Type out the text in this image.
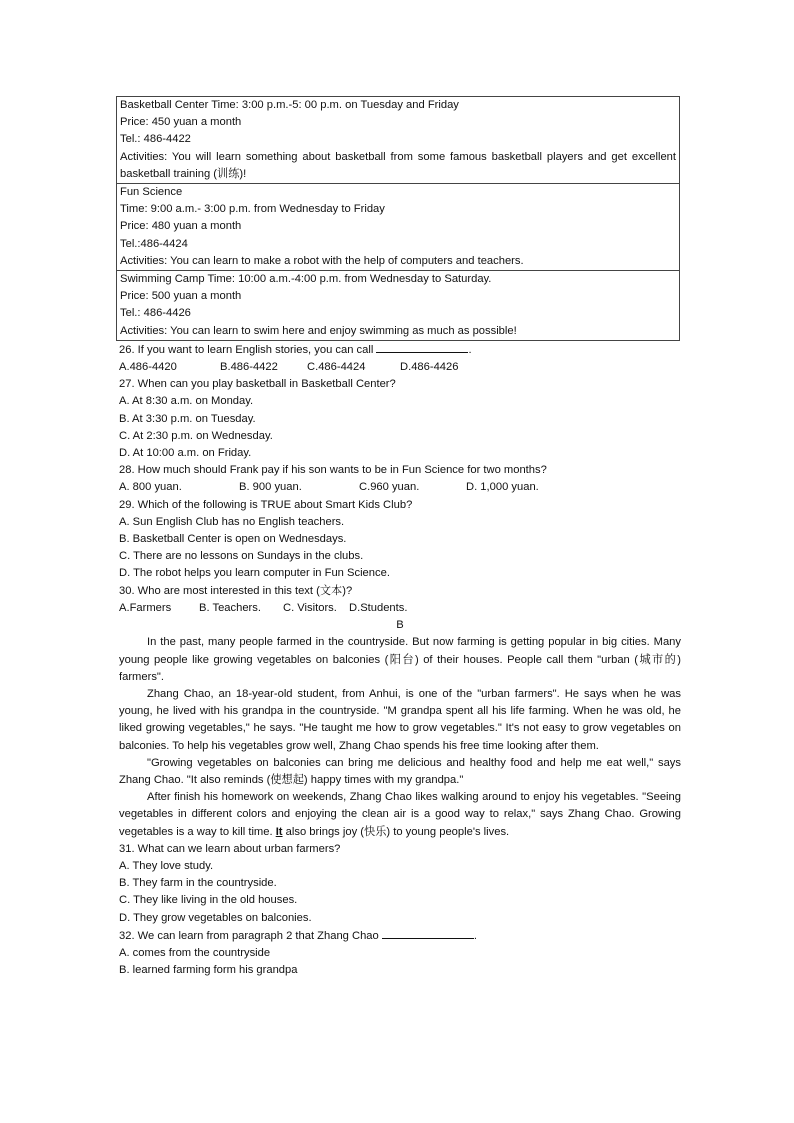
Basketball Center Time: 3:00 p.m.-5: 00 p.m. on Tuesday and Friday
Price: 450 yuan a month
Tel.: 486-4422
Activities: You will learn something about basketball from some famous basketball players and get excellent basketball training (训练)!
Fun Science
Time: 9:00 a.m.- 3:00 p.m. from Wednesday to Friday
Price: 480 yuan a month
Tel.:486-4424
Activities: You can learn to make a robot with the help of computers and teachers.
Swimming Camp Time: 10:00 a.m.-4:00 p.m. from Wednesday to Saturday.
Price: 500 yuan a month
Tel.: 486-4426
Activities: You can learn to swim here and enjoy swimming as much as possible!
26. If you want to learn English stories, you can call	.
A.486-4420	B.486-4422	C.486-4424	D.486-4426
27. When can you play basketball in Basketball Center?
A. At 8:30 a.m. on Monday.
B. At 3:30 p.m. on Tuesday.
C. At 2:30 p.m. on Wednesday.
D. At 10:00 a.m. on Friday.
28. How much should Frank pay if his son wants to be in Fun Science for two months?
A. 800 yuan.	B. 900 yuan.	C.960 yuan.	D. 1,000 yuan.
29. Which of the following is TRUE about Smart Kids Club?
A. Sun English Club has no English teachers.
B. Basketball Center is open on Wednesdays.
C. There are no lessons on Sundays in the clubs.
D. The robot helps you learn computer in Fun Science.
30. Who are most interested in this text (文本)?
A.Farmers	B. Teachers.	C. Visitors.	D.Students.
B
In the past, many people farmed in the countryside. But now farming is getting popular in big cities. Many young people like growing vegetables on balconies (阳台) of their houses. People call them "urban (城市的) farmers".
Zhang Chao, an 18-year-old student, from Anhui, is one of the "urban farmers". He says when he was young, he lived with his grandpa in the countryside. "M grandpa spent all his life farming. When he was old, he liked growing vegetables," he says. "He taught me how to grow vegetables." It's not easy to grow vegetables on balconies. To help his vegetables grow well, Zhang Chao spends his free time looking after them.
"Growing vegetables on balconies can bring me delicious and healthy food and help me eat well," says Zhang Chao. "It also reminds (使想起) happy times with my grandpa."
After finish his homework on weekends, Zhang Chao likes walking around to enjoy his vegetables. "Seeing vegetables in different colors and enjoying the clean air is a good way to relax," says Zhang Chao. Growing vegetables is a way to kill time. It also brings joy (快乐) to young people's lives.
31. What can we learn about urban farmers?
A. They love study.
B. They farm in the countryside.
C. They like living in the old houses.
D. They grow vegetables on balconies.
32. We can learn from paragraph 2 that Zhang Chao	.
A. comes from the countryside
B. learned farming form his grandpa
